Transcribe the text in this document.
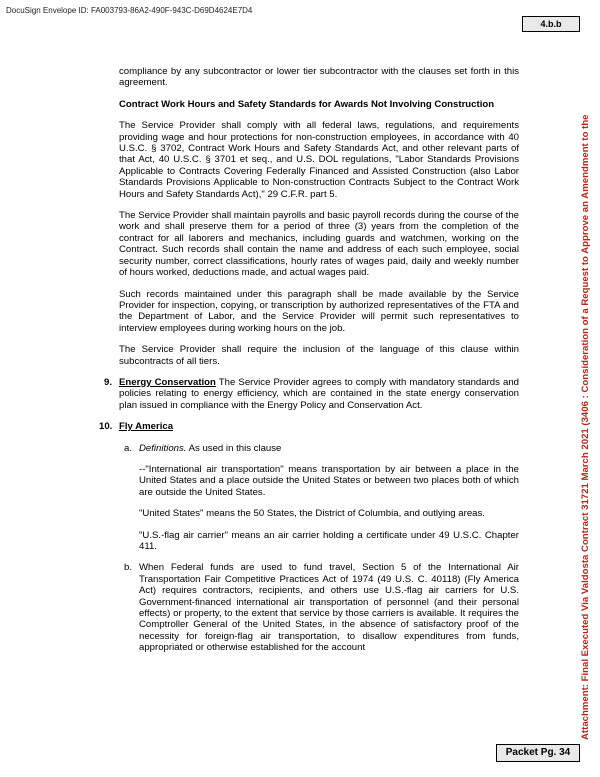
DocuSign Envelope ID: FA003793-86A2-490F-943C-D69D4624E7D4
4.b.b
Attachment: Final Executed Via Valdosta Contract 31721 March 2021 (3406 : Consideration of a Request to Approve an Amendment to the

compliance by any subcontractor or lower tier subcontractor with the clauses set forth in this agreement.

Contract Work Hours and Safety Standards for Awards Not Involving Construction

The Service Provider shall comply with all federal laws, regulations, and requirements providing wage and hour protections for non-construction employees, in accordance with 40 U.S.C. § 3702, Contract Work Hours and Safety Standards Act, and other relevant parts of that Act, 40 U.S.C. § 3701 et seq., and U.S. DOL regulations, "Labor Standards Provisions Applicable to Contracts Covering Federally Financed and Assisted Construction (also Labor Standards Provisions Applicable to Non-construction Contracts Subject to the Contract Work Hours and Safety Standards Act)," 29 C.F.R. part 5.

The Service Provider shall maintain payrolls and basic payroll records during the course of the work and shall preserve them for a period of three (3) years from the completion of the contract for all laborers and mechanics, including guards and watchmen, working on the Contract. Such records shall contain the name and address of each such employee, social security number, correct classifications, hourly rates of wages paid, daily and weekly number of hours worked, deductions made, and actual wages paid.

Such records maintained under this paragraph shall be made available by the Service Provider for inspection, copying, or transcription by authorized representatives of the FTA and the Department of Labor, and the Service Provider will permit such representatives to interview employees during working hours on the job.

The Service Provider shall require the inclusion of the language of this clause within subcontracts of all tiers.

9. Energy Conservation The Service Provider agrees to comply with mandatory standards and policies relating to energy efficiency, which are contained in the state energy conservation plan issued in compliance with the Energy Policy and Conservation Act.
10. Fly America
a. Definitions. As used in this clause

--"International air transportation" means transportation by air between a place in the United States and a place outside the United States or between two places both of which are outside the United States.

"United States" means the 50 States, the District of Columbia, and outlying areas.

"U.S.-flag air carrier" means an air carrier holding a certificate under 49 U.S.C. Chapter 411.

b. When Federal funds are used to fund travel, Section 5 of the International Air Transportation Fair Competitive Practices Act of 1974 (49 U.S. C. 40118) (Fly America Act) requires contractors, recipients, and others use U.S.-flag air carriers for U.S. Government-financed international air transportation of personnel (and their personal effects) or property, to the extent that service by those carriers is available. It requires the Comptroller General of the United States, in the absence of satisfactory proof of the necessity for foreign-flag air transportation, to disallow expenditures from funds, appropriated or otherwise established for the account
Packet Pg. 34
